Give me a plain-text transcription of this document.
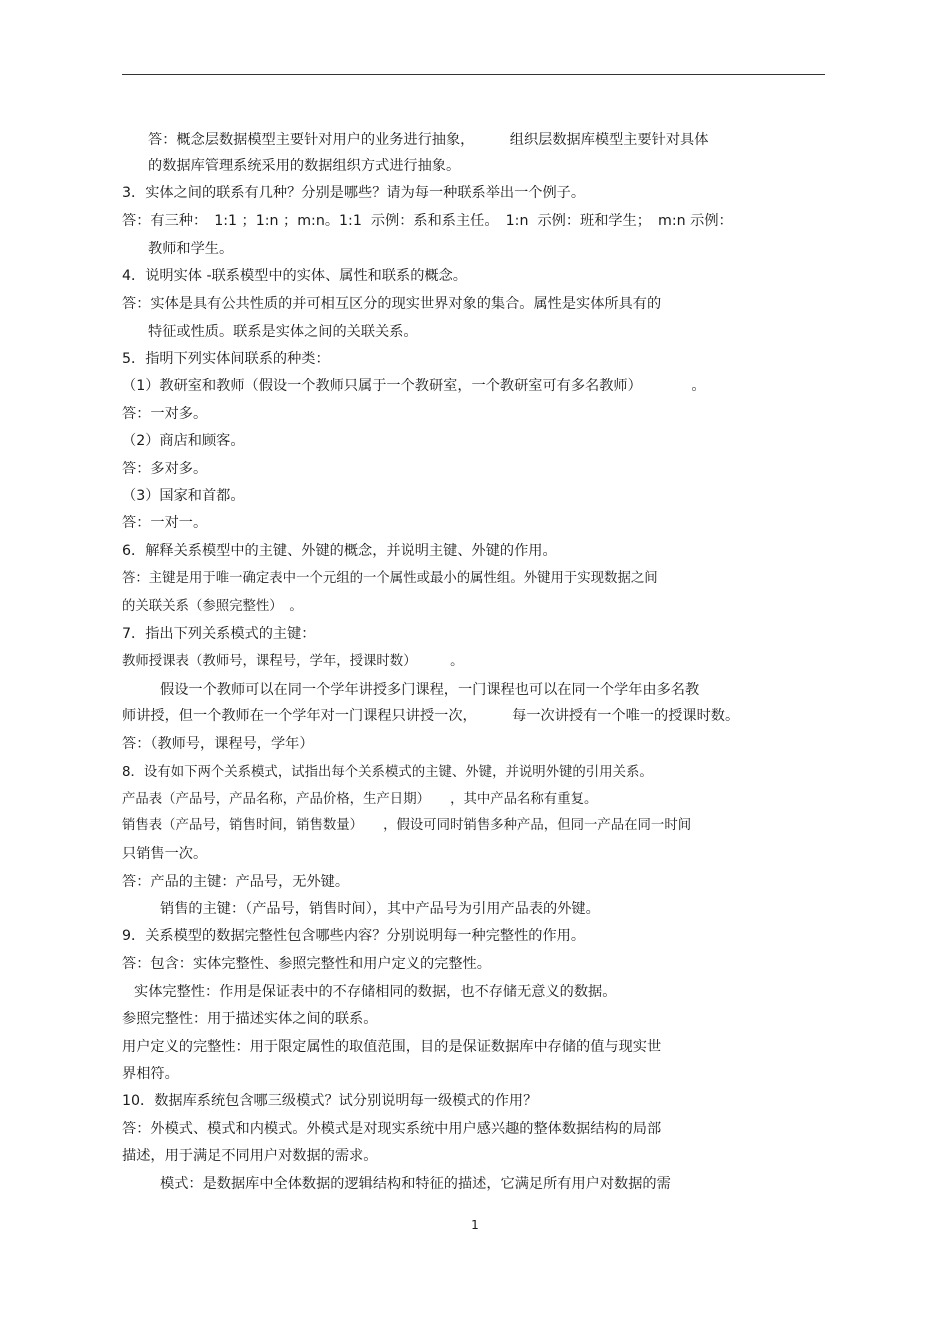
答：概念层数据模型主要针对用户的业务进行抽象，　　　组织层数据库模型主要针对具体
的数据库管理系统采用的数据组织方式进行抽象。
3．实体之间的联系有几种？分别是哪些？请为每一种联系举出一个例子。
答：有三种：　1:1 ；1:n ；m:n。1:1  示例：系和系主任。　1:n  示例：班和学生；　m:n 示例：
教师和学生。
4．说明实体 -联系模型中的实体、属性和联系的概念。
答：实体是具有公共性质的并可相互区分的现实世界对象的集合。属性是实体所具有的
特征或性质。联系是实体之间的关联关系。
5．指明下列实体间联系的种类：
（1）教研室和教师（假设一个教师只属于一个教研室，一个教研室可有多名教师）　　　　。
答：一对多。
（2）商店和顾客。
答：多对多。
（3）国家和首都。
答：一对一。
6．解释关系模型中的主键、外键的概念，并说明主键、外键的作用。
答：主键是用于唯一确定表中一个元组的一个属性或最小的属性组。外键用于实现数据之间
的关联关系（参照完整性）　。
7．指出下列关系模式的主键：
教师授课表（教师号，课程号，学年，授课时数）　　　。
假设一个教师可以在同一个学年讲授多门课程，一门课程也可以在同一个学年由多名教
师讲授，但一个教师在一个学年对一门课程只讲授一次，　　　每一次讲授有一个唯一的授课时数。
答：（教师号，课程号，学年）
8．设有如下两个关系模式，试指出每个关系模式的主键、外键，并说明外键的引用关系。
产品表（产品号，产品名称，产品价格，生产日期）　　，其中产品名称有重复。
销售表（产品号，销售时间，销售数量）　　，假设可同时销售多种产品，但同一产品在同一时间
只销售一次。
答：产品的主键：产品号，无外键。
销售的主键：（产品号，销售时间），其中产品号为引用产品表的外键。
9．关系模型的数据完整性包含哪些内容？分别说明每一种完整性的作用。
答：包含：实体完整性、参照完整性和用户定义的完整性。
实体完整性：作用是保证表中的不存储相同的数据，也不存储无意义的数据。
参照完整性：用于描述实体之间的联系。
用户定义的完整性：用于限定属性的取值范围，目的是保证数据库中存储的值与现实世
界相符。
10．数据库系统包含哪三级模式？试分别说明每一级模式的作用？
答：外模式、模式和内模式。外模式是对现实系统中用户感兴趣的整体数据结构的局部
描述，用于满足不同用户对数据的需求。
模式：是数据库中全体数据的逻辑结构和特征的描述，它满足所有用户对数据的需
1
